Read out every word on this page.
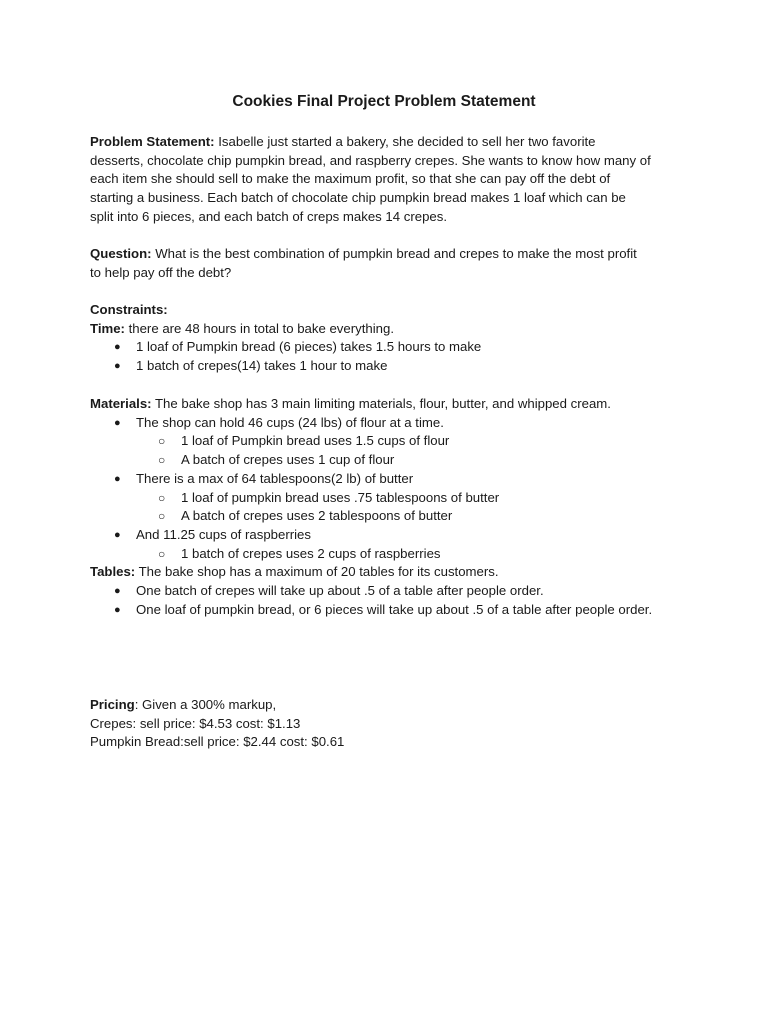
Cookies Final Project Problem Statement

Problem Statement: Isabelle just started a bakery, she decided to sell her two favorite

desserts, chocolate chip pumpkin bread, and raspberry crepes. She wants to know how many of

each item she should sell to make the maximum profit, so that she can pay off the debt of

starting a business. Each batch of chocolate chip pumpkin bread makes 1 loaf which can be

split into 6 pieces, and each batch of creps makes 14 crepes.

Question: What is the best combination of pumpkin bread and crepes to make the most profit

to help pay off the debt?

Constraints:

Time: there are 48 hours in total to bake everything.

● 1 loaf of Pumpkin bread (6 pieces) takes 1.5 hours to make

● 1 batch of crepes(14) takes 1 hour to make

Materials: The bake shop has 3 main limiting materials, flour, butter, and whipped cream.

● The shop can hold 46 cups (24 lbs) of flour at a time.

○ 1 loaf of Pumpkin bread uses 1.5 cups of flour

○ A batch of crepes uses 1 cup of flour

● There is a max of 64 tablespoons(2 lb) of butter

○ 1 loaf of pumpkin bread uses .75 tablespoons of butter

○ A batch of crepes uses 2 tablespoons of butter

● And 11.25 cups of raspberries

○ 1 batch of crepes uses 2 cups of raspberries

Tables: The bake shop has a maximum of 20 tables for its customers.

● One batch of crepes will take up about .5 of a table after people order.

● One loaf of pumpkin bread, or 6 pieces will take up about .5 of a table after people order.

Pricing: Given a 300% markup,

Crepes: sell price: $4.53 cost: $1.13

Pumpkin Bread:sell price: $2.44 cost: $0.61
